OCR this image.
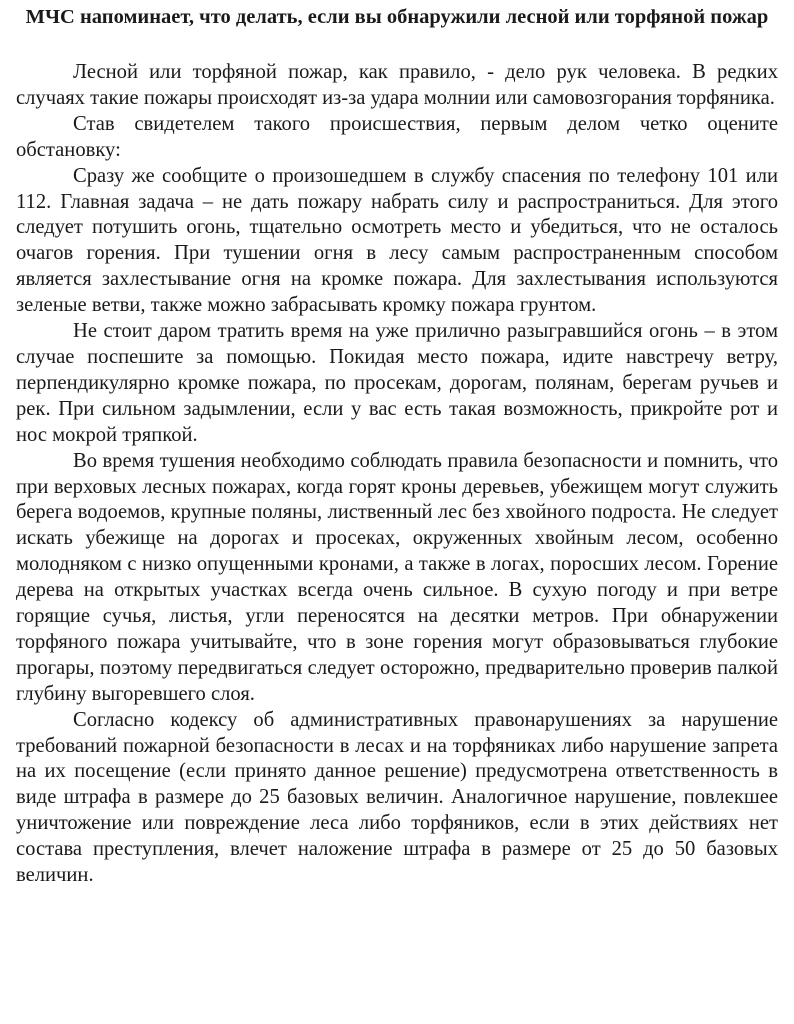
МЧС напоминает, что делать, если вы обнаружили лесной или торфяной пожар

Лесной или торфяной пожар, как правило, - дело рук человека. В редких случаях такие пожары происходят из-за удара молнии или самовозгорания торфяника.

Став свидетелем такого происшествия, первым делом четко оцените обстановку:

Сразу же сообщите о произошедшем в службу спасения по телефону 101 или 112. Главная задача – не дать пожару набрать силу и распространиться. Для этого следует потушить огонь, тщательно осмотреть место и убедиться, что не осталось очагов горения. При тушении огня в лесу самым распространенным способом является захлестывание огня на кромке пожара. Для захлестывания используются зеленые ветви, также можно забрасывать кромку пожара грунтом.

Не стоит даром тратить время на уже прилично разыгравшийся огонь – в этом случае поспешите за помощью. Покидая место пожара, идите навстречу ветру, перпендикулярно кромке пожара, по просекам, дорогам, полянам, берегам ручьев и рек. При сильном задымлении, если у вас есть такая возможность, прикройте рот и нос мокрой тряпкой.

Во время тушения необходимо соблюдать правила безопасности и помнить, что при верховых лесных пожарах, когда горят кроны деревьев, убежищем могут служить берега водоемов, крупные поляны, лиственный лес без хвойного подроста. Не следует искать убежище на дорогах и просеках, окруженных хвойным лесом, особенно молодняком с низко опущенными кронами, а также в логах, поросших лесом. Горение дерева на открытых участках всегда очень сильное. В сухую погоду и при ветре горящие сучья, листья, угли переносятся на десятки метров. При обнаружении торфяного пожара учитывайте, что в зоне горения могут образовываться глубокие прогары, поэтому передвигаться следует осторожно, предварительно проверив палкой глубину выгоревшего слоя.

Согласно кодексу об административных правонарушениях за нарушение требований пожарной безопасности в лесах и на торфяниках либо нарушение запрета на их посещение (если принято данное решение) предусмотрена ответственность в виде штрафа в размере до 25 базовых величин. Аналогичное нарушение, повлекшее уничтожение или повреждение леса либо торфяников, если в этих действиях нет состава преступления, влечет наложение штрафа в размере от 25 до 50 базовых величин.
